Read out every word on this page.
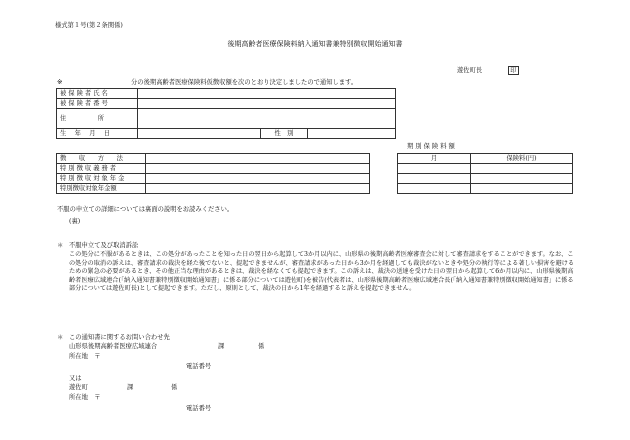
様式第１号(第２条関係)
後期高齢者医療保険料納入通知書兼特別徴収開始通知書
遊佐町長	印
※	分の後期高齢者医療保険料仮徴収額を次のとおり決定しましたので通知します。
被 保 険 者 氏 名			
被 保 険 者 番 号			
住　　　　　所			
生　 年 　月 　日		性　別	
期 別 保 険 料 額
徴　　収　　方　　法	
特 別 徴 収 義 務 者	
特 別 徴 収 対 象 年 金	
特別徴収対象年金額	
月	保険料(円)

不服の申立ての詳細については裏面の説明をお読みください。
(裏)
＊ 不服申立て及び取消訴訟
この処分に不服があるときは、この処分があったことを知った日の翌日から起算して3か月以内に、山形県の後期高齢者医療審査会に対して審査請求をすることができます。なお、この処分の取消の訴えは、審査請求の裁決を経た後でないと、提起できませんが、審査請求があった日から3か月を経過しても裁決がないときや処分の執行等による著しい損害を避けるための緊急の必要があるとき、その他正当な理由があるときは、裁決を経なくても提起できます。この訴えは、裁決の送達を受けた日の翌日から起算して6か月以内に、山形県後期高齢者医療広域連合(「納入通知書兼特別徴収開始通知書」に係る部分については遊佐町)を被告(代表者は、山形県後期高齢者医療広域連合長(「納入通知書兼特別徴収開始通知書」に係る部分については遊佐町長)として提起できます。ただし、原則として、裁決の日から1年を経過すると訴えを提起できません。
＊ この通知書に関するお問い合わせ先
山形県後期高齢者医療広域連合	課	係
所在地　〒
電話番号
又は
遊佐町	課	係
所在地　〒
電話番号
